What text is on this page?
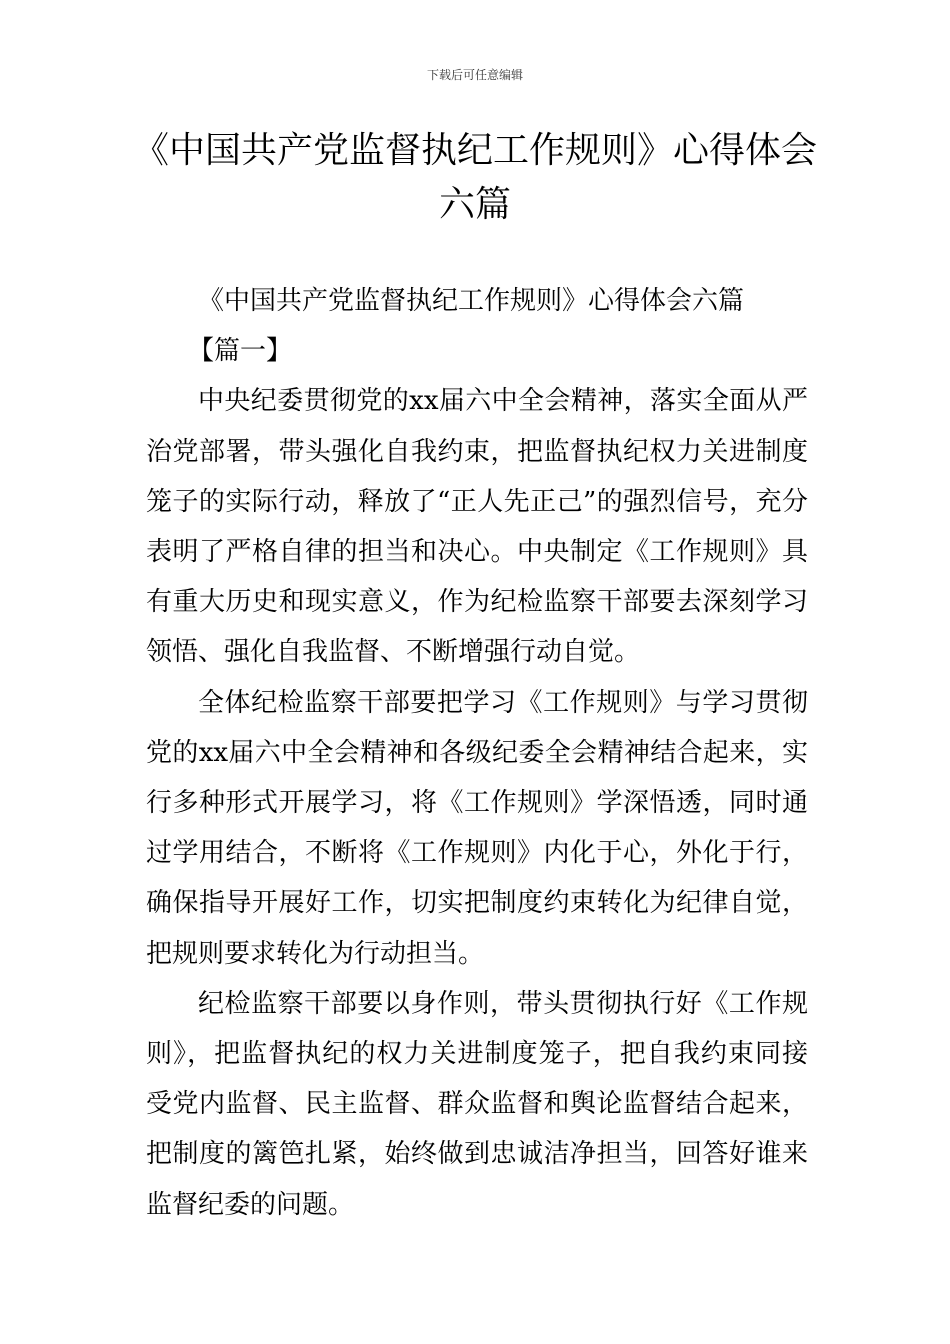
下载后可任意编辑
《中国共产党监督执纪工作规则》心得体会六篇

《中国共产党监督执纪工作规则》心得体会六篇

【篇一】

中央纪委贯彻党的xx届六中全会精神，落实全面从严治党部署，带头强化自我约束，把监督执纪权力关进制度笼子的实际行动，释放了“正人先正己”的强烈信号，充分表明了严格自律的担当和决心。中央制定《工作规则》具有重大历史和现实意义，作为纪检监察干部要去深刻学习领悟、强化自我监督、不断增强行动自觉。

全体纪检监察干部要把学习《工作规则》与学习贯彻党的xx届六中全会精神和各级纪委全会精神结合起来，实行多种形式开展学习，将《工作规则》学深悟透，同时通过学用结合，不断将《工作规则》内化于心，外化于行，确保指导开展好工作，切实把制度约束转化为纪律自觉，把规则要求转化为行动担当。

纪检监察干部要以身作则，带头贯彻执行好《工作规则》，把监督执纪的权力关进制度笼子，把自我约束同接受党内监督、民主监督、群众监督和舆论监督结合起来，把制度的篱笆扎紧，始终做到忠诚洁净担当，回答好谁来监督纪委的问题。
